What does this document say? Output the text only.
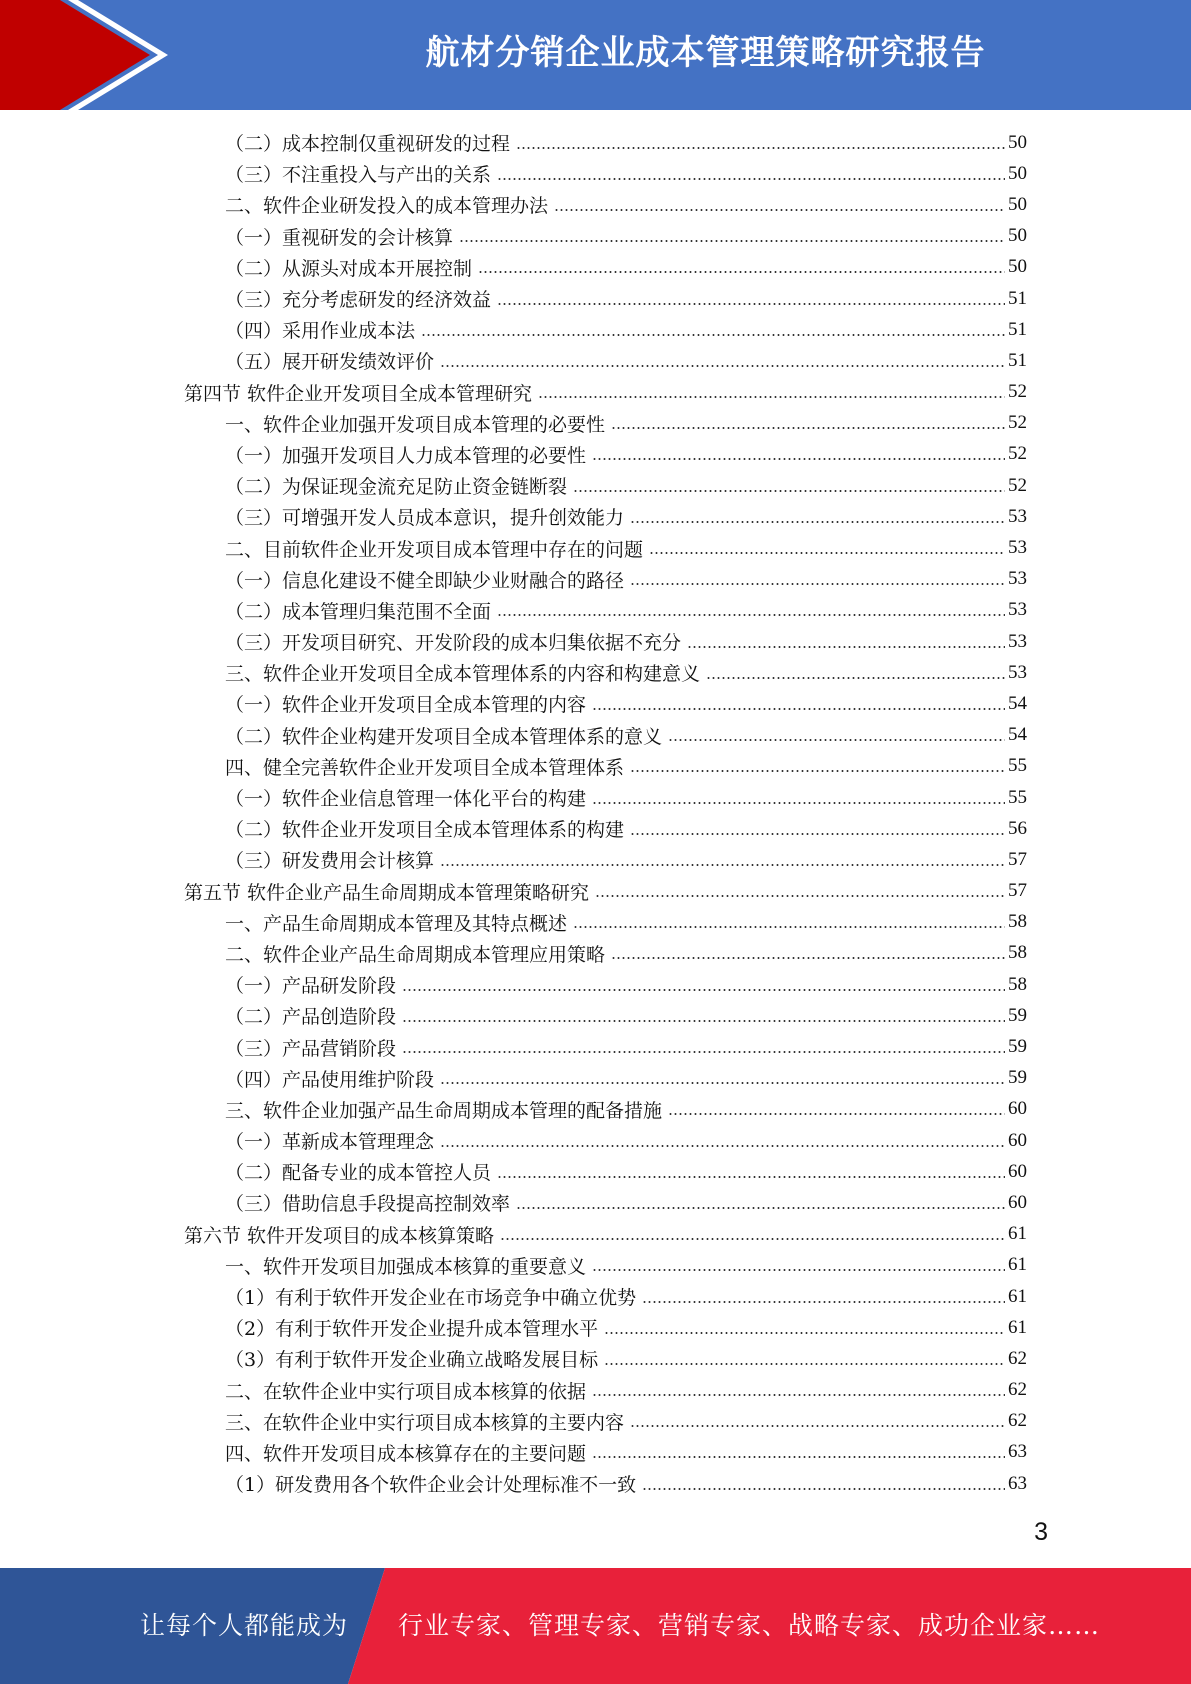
航材分销企业成本管理策略研究报告
（二）成本控制仅重视研发的过程	50
（三）不注重投入与产出的关系	50
二、软件企业研发投入的成本管理办法	50
（一）重视研发的会计核算	50
（二）从源头对成本开展控制	50
（三）充分考虑研发的经济效益	51
（四）采用作业成本法	51
（五）展开研发绩效评价	51
第四节 软件企业开发项目全成本管理研究	52
一、软件企业加强开发项目成本管理的必要性	52
（一）加强开发项目人力成本管理的必要性	52
（二）为保证现金流充足防止资金链断裂	52
（三）可增强开发人员成本意识，提升创效能力	53
二、目前软件企业开发项目成本管理中存在的问题	53
（一）信息化建设不健全即缺少业财融合的路径	53
（二）成本管理归集范围不全面	53
（三）开发项目研究、开发阶段的成本归集依据不充分	53
三、软件企业开发项目全成本管理体系的内容和构建意义	53
（一）软件企业开发项目全成本管理的内容	54
（二）软件企业构建开发项目全成本管理体系的意义	54
四、健全完善软件企业开发项目全成本管理体系	55
（一）软件企业信息管理一体化平台的构建	55
（二）软件企业开发项目全成本管理体系的构建	56
（三）研发费用会计核算	57
第五节 软件企业产品生命周期成本管理策略研究	57
一、产品生命周期成本管理及其特点概述	58
二、软件企业产品生命周期成本管理应用策略	58
（一）产品研发阶段	58
（二）产品创造阶段	59
（三）产品营销阶段	59
（四）产品使用维护阶段	59
三、软件企业加强产品生命周期成本管理的配备措施	60
（一）革新成本管理理念	60
（二）配备专业的成本管控人员	60
（三）借助信息手段提高控制效率	60
第六节 软件开发项目的成本核算策略	61
一、软件开发项目加强成本核算的重要意义	61
（1）有利于软件开发企业在市场竞争中确立优势	61
（2）有利于软件开发企业提升成本管理水平	61
（3）有利于软件开发企业确立战略发展目标	62
二、在软件企业中实行项目成本核算的依据	62
三、在软件企业中实行项目成本核算的主要内容	62
四、软件开发项目成本核算存在的主要问题	63
（1）研发费用各个软件企业会计处理标准不一致	63
3
让每个人都能成为 行业专家、管理专家、营销专家、战略专家、成功企业家……
